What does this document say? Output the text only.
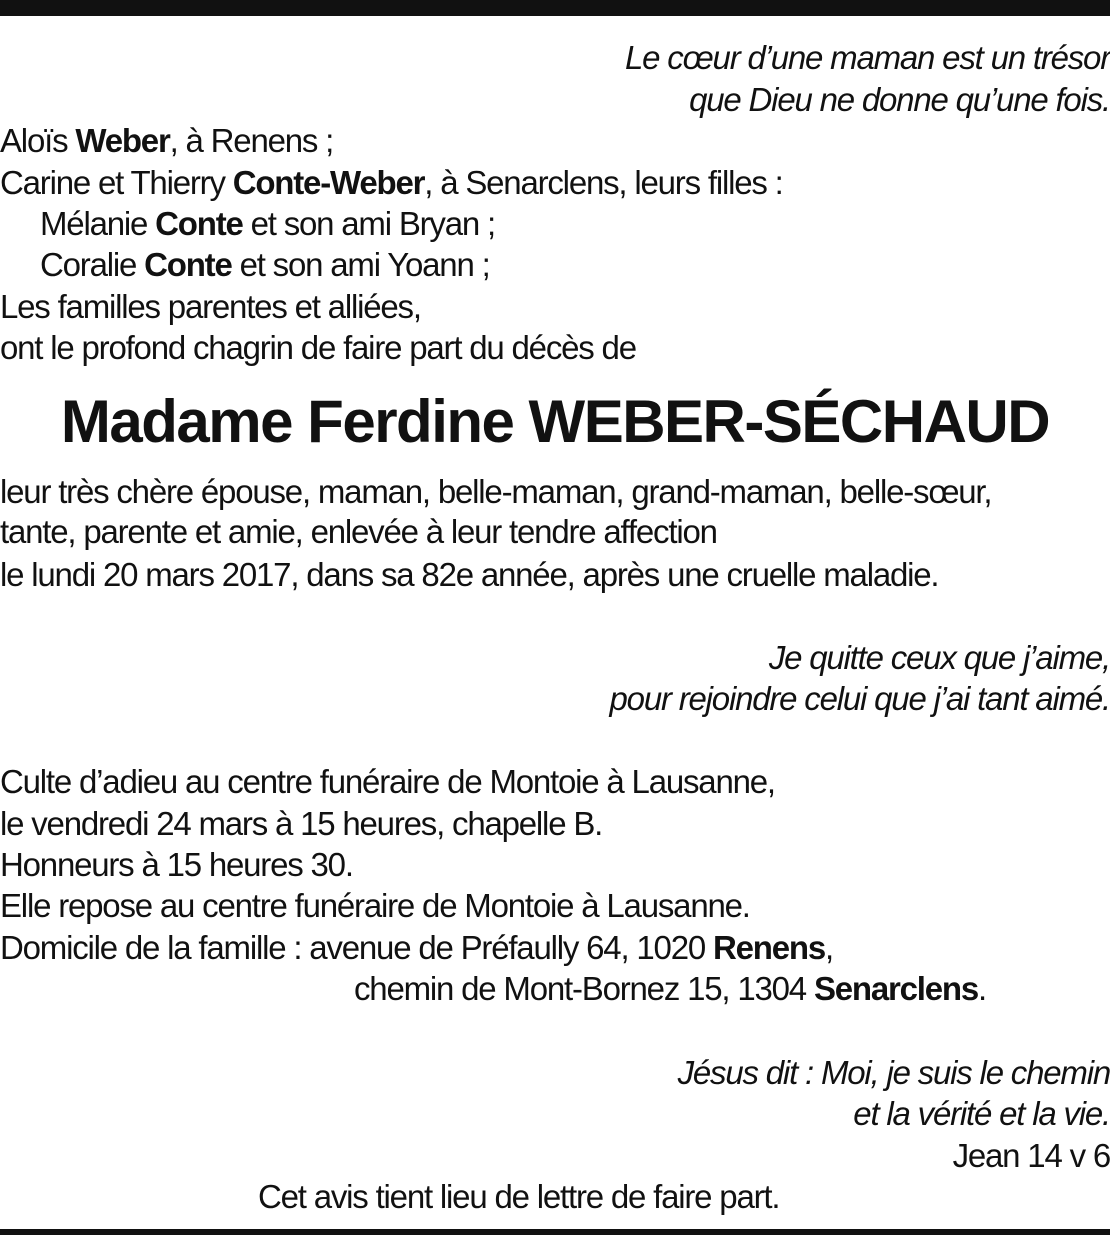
Le cœur d’une maman est un trésor
que Dieu ne donne qu’une fois.
Aloïs Weber, à Renens ;
Carine et Thierry Conte-Weber, à Senarclens, leurs filles :
Mélanie Conte et son ami Bryan ;
Coralie Conte et son ami Yoann ;
Les familles parentes et alliées,
ont le profond chagrin de faire part du décès de
Madame Ferdine WEBER-SÉCHAUD
leur très chère épouse, maman, belle-maman, grand-maman, belle-sœur,
tante, parente et amie, enlevée à leur tendre affection
le lundi 20 mars 2017, dans sa 82e année, après une cruelle maladie.
Je quitte ceux que j’aime,
pour rejoindre celui que j’ai tant aimé.
Culte d’adieu au centre funéraire de Montoie à Lausanne,
le vendredi 24 mars à 15 heures, chapelle B.
Honneurs à 15 heures 30.
Elle repose au centre funéraire de Montoie à Lausanne.
Domicile de la famille : avenue de Préfaully 64, 1020 Renens,
chemin de Mont-Bornez 15, 1304 Senarclens.
Jésus dit : Moi, je suis le chemin
et la vérité et la vie.
Jean 14 v 6
Cet avis tient lieu de lettre de faire part.
